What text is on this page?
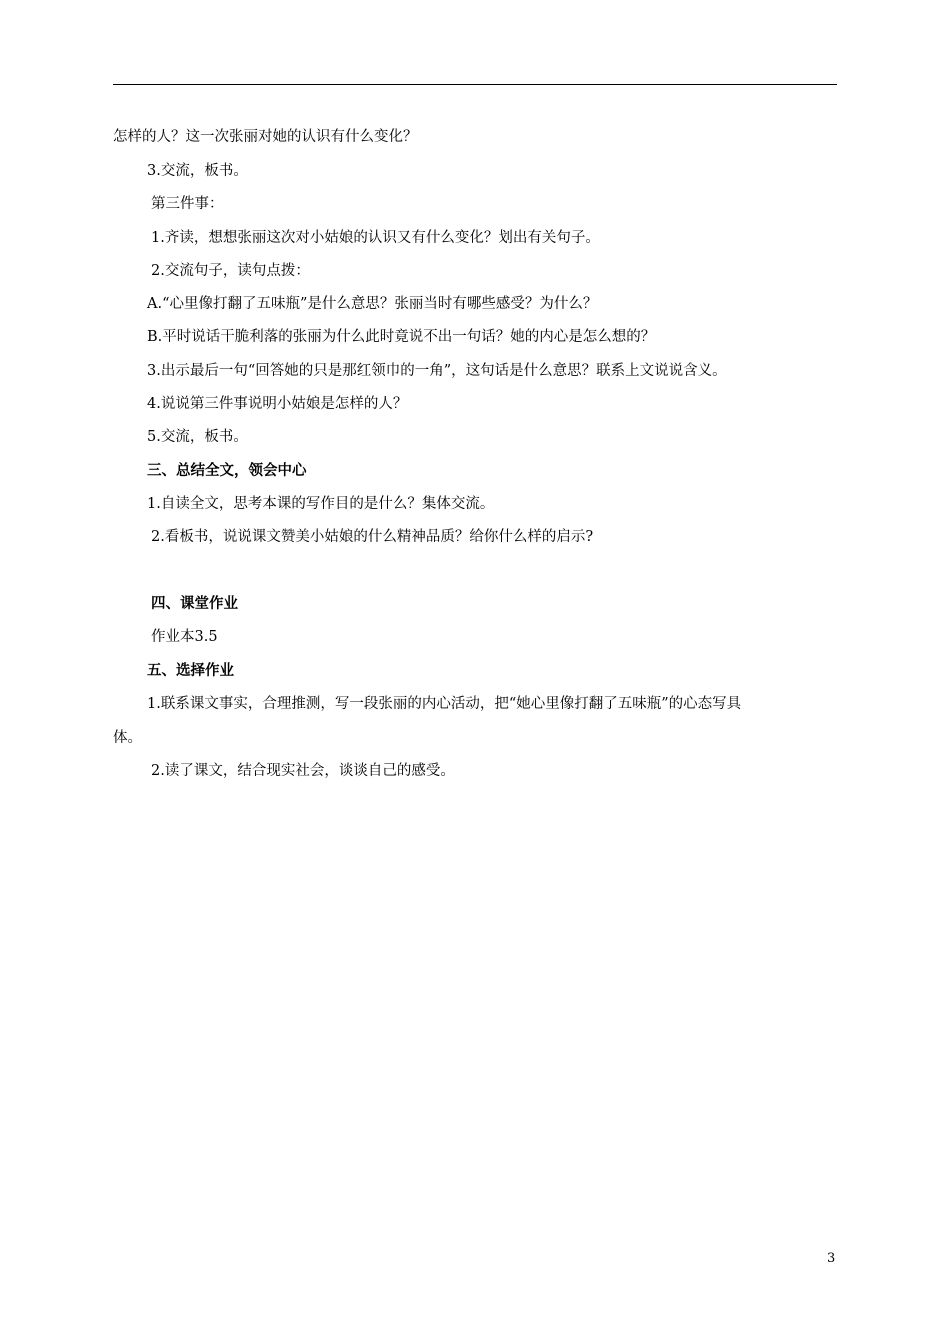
怎样的人？这一次张丽对她的认识有什么变化？
3.交流，板书。
第三件事：
1.齐读，想想张丽这次对小姑娘的认识又有什么变化？划出有关句子。
2.交流句子，读句点拨：
A.“心里像打翻了五味瓶”是什么意思？张丽当时有哪些感受？为什么？
B.平时说话干脆利落的张丽为什么此时竟说不出一句话？她的内心是怎么想的？
3.出示最后一句“回答她的只是那红领巾的一角”，这句话是什么意思？联系上文说说含义。
4.说说第三件事说明小姑娘是怎样的人？
5.交流，板书。
三、总结全文，领会中心
1.自读全文，思考本课的写作目的是什么？集体交流。
2.看板书，说说课文赞美小姑娘的什么精神品质？给你什么样的启示?
四、课堂作业
作业本3.5
五、选择作业
1.联系课文事实，合理推测，写一段张丽的内心活动，把“她心里像打翻了五味瓶”的心态写具
体。
2.读了课文，结合现实社会，谈谈自己的感受。
3
